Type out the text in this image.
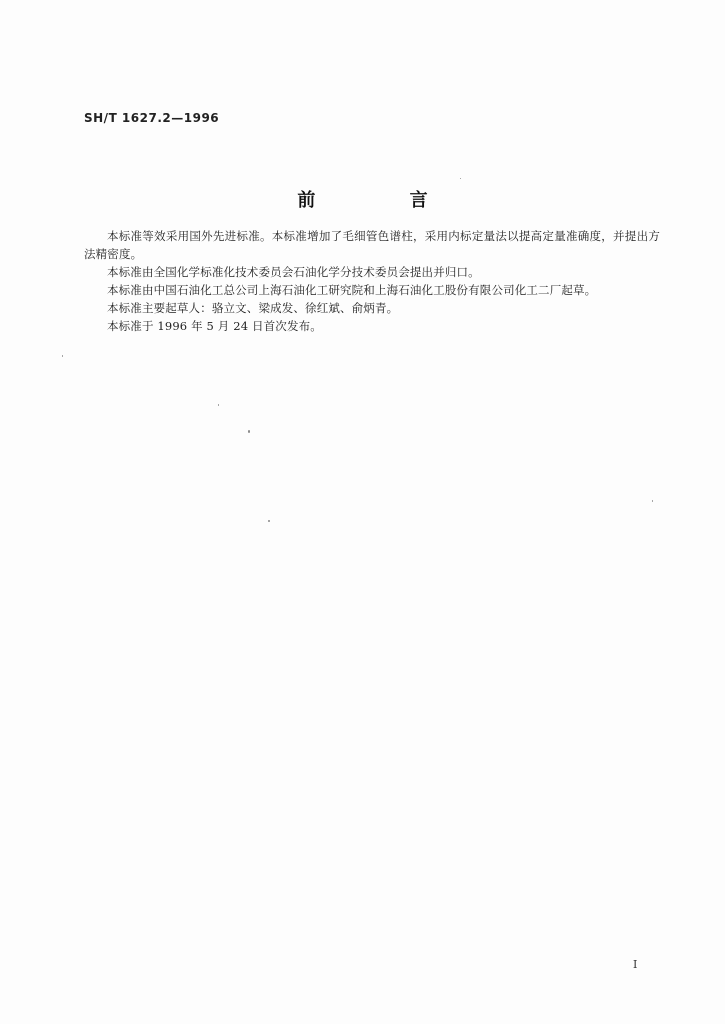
SH/T 1627.2—1996
前 言

本标准等效采用国外先进标准。本标准增加了毛细管色谱柱，采用内标定量法以提高定量准确度，并提出方法精密度。

本标准由全国化学标准化技术委员会石油化学分技术委员会提出并归口。

本标准由中国石油化工总公司上海石油化工研究院和上海石油化工股份有限公司化工二厂起草。

本标准主要起草人：骆立文、梁成发、徐红斌、俞炳青。

本标准于 1996 年 5 月 24 日首次发布。

I
